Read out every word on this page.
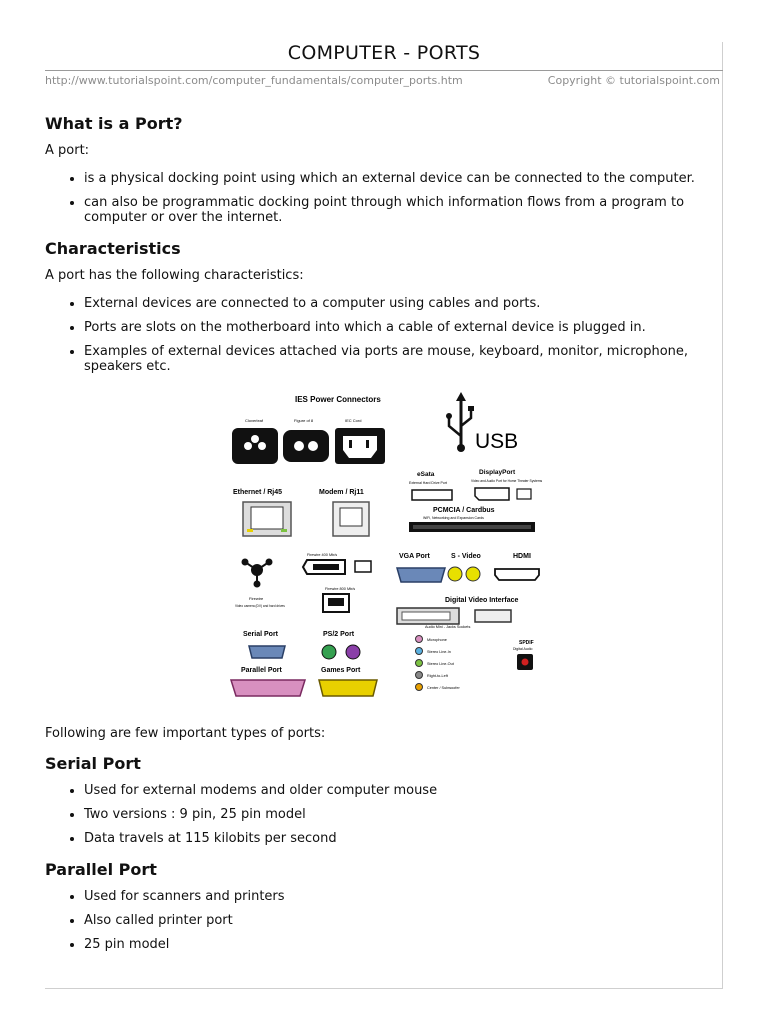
COMPUTER - PORTS
http://www.tutorialspoint.com/computer_fundamentals/computer_ports.htm	Copyright © tutorialspoint.com
What is a Port?

A port:

• is a physical docking point using which an external device can be connected to the computer.
• can also be programmatic docking point through which information flows from a program to computer or over the internet.
Characteristics

A port has the following characteristics:

• External devices are connected to a computer using cables and ports.
• Ports are slots on the motherboard into which a cable of external device is plugged in.
• Examples of external devices attached via ports are mouse, keyboard, monitor, microphone, speakers etc.
IES Power Connectors
Cloverleaf	Figure of 8	IEC Cord
USB
eSata
External Hard Drive Port
DisplayPort
Video and Audio Port for Home Theater Systems
Ethernet / Rj45	Modem / Rj11
PCMCIA / Cardbus
WiFi, Networking and Expansion Cards
Firewire
Video camera (DV) and hard drives
Firewire 400 Mb/s
Firewire 800 Mb/s
VGA Port	S - Video	HDMI
Digital Video Interface
Serial Port	PS/2 Port
Parallel Port	Games Port
Audio Mini - Jacks Sockets
Microphone
Stereo Line-In
Stereo Line-Out
Right-to-Left
Center / Subwoofer
SPDIF
Digital Audio

Following are few important types of ports:

Serial Port
• Used for external modems and older computer mouse
• Two versions : 9 pin, 25 pin model
• Data travels at 115 kilobits per second
Parallel Port
• Used for scanners and printers
• Also called printer port
• 25 pin model
